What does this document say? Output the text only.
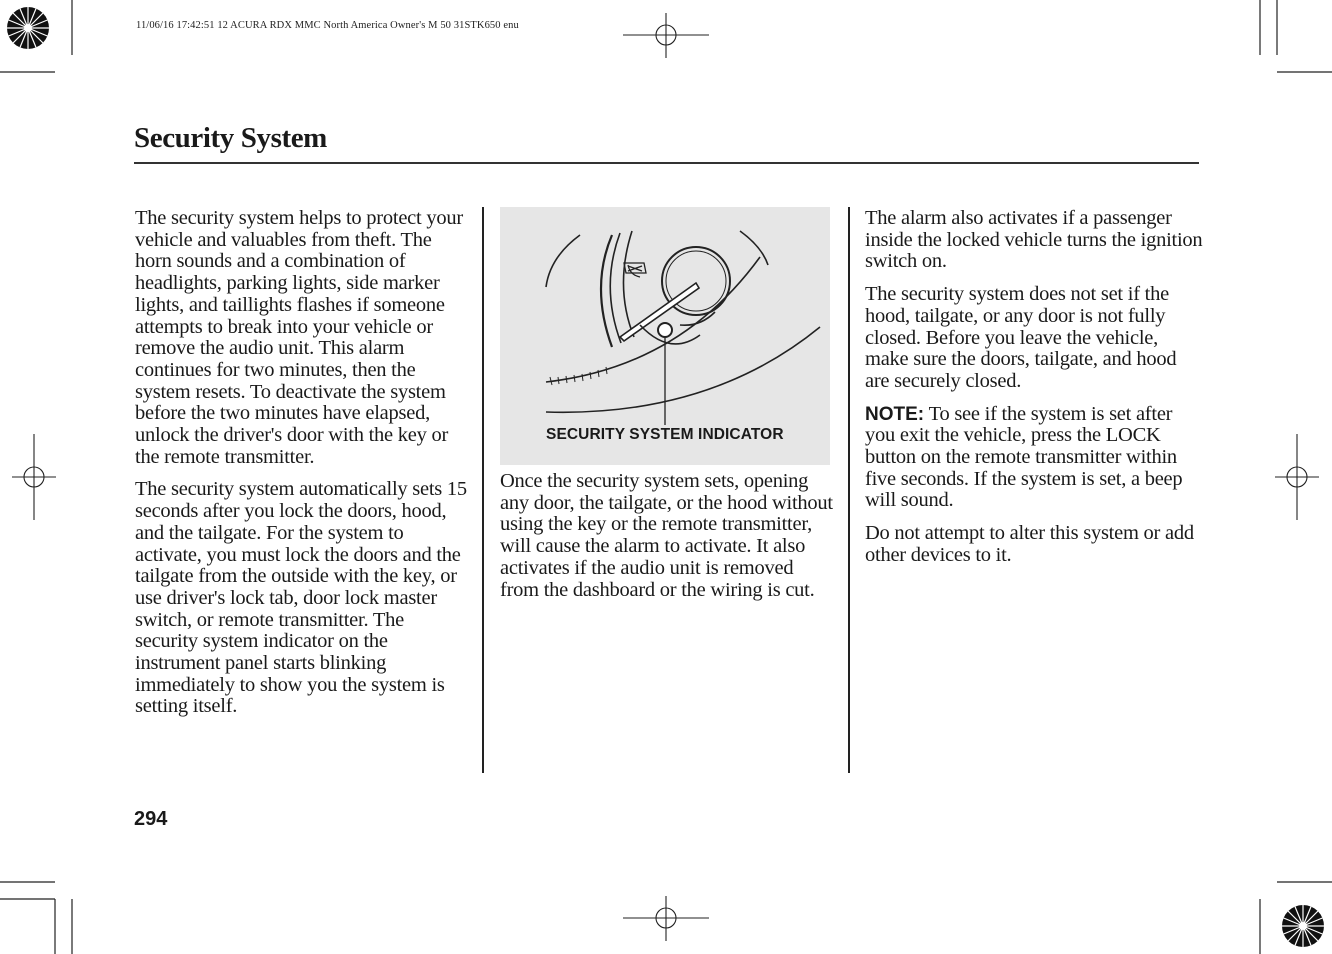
11/06/16 17:42:51 12 ACURA RDX MMC North America Owner's M 50 31STK650 enu
Security System

The security system helps to protect your vehicle and valuables from theft. The horn sounds and a combination of headlights, parking lights, side marker lights, and taillights flashes if someone attempts to break into your vehicle or remove the audio unit. This alarm continues for two minutes, then the system resets. To deactivate the system before the two minutes have elapsed, unlock the driver's door with the key or the remote transmitter.

The security system automatically sets 15 seconds after you lock the doors, hood, and the tailgate. For the system to activate, you must lock the doors and the tailgate from the outside with the key, or use driver's lock tab, door lock master switch, or remote transmitter. The security system indicator on the instrument panel starts blinking immediately to show you the system is setting itself.

SECURITY SYSTEM INDICATOR

Once the security system sets, opening any door, the tailgate, or the hood without using the key or the remote transmitter, will cause the alarm to activate. It also activates if the audio unit is removed from the dashboard or the wiring is cut.

The alarm also activates if a passenger inside the locked vehicle turns the ignition switch on.

The security system does not set if the hood, tailgate, or any door is not fully closed. Before you leave the vehicle, make sure the doors, tailgate, and hood are securely closed.

NOTE: To see if the system is set after you exit the vehicle, press the LOCK button on the remote transmitter within five seconds. If the system is set, a beep will sound.

Do not attempt to alter this system or add other devices to it.

294
